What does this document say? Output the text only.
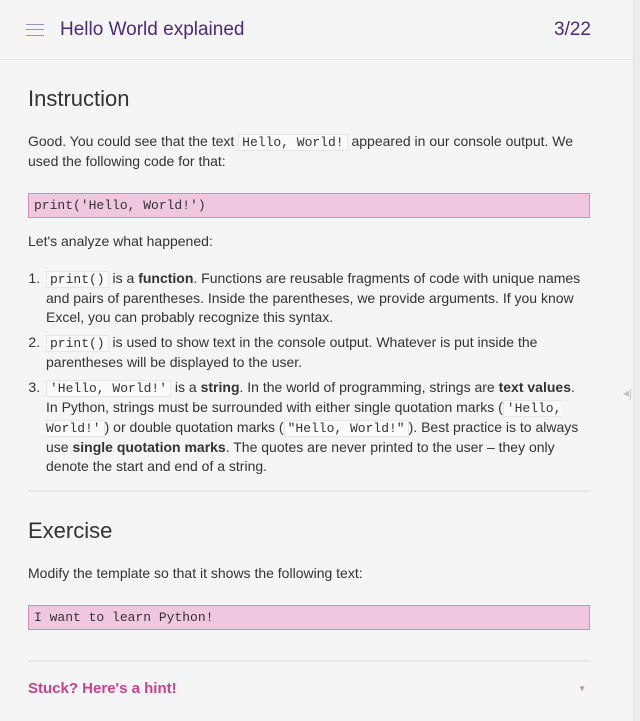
Hello World explained	3/22
Instruction

Good. You could see that the text Hello, World! appeared in our console output. We used the following code for that:

print('Hello, World!')

Let's analyze what happened:

1. print() is a function. Functions are reusable fragments of code with unique names and pairs of parentheses. Inside the parentheses, we provide arguments. If you know Excel, you can probably recognize this syntax.
2. print() is used to show text in the console output. Whatever is put inside the parentheses will be displayed to the user.
3. 'Hello, World!' is a string. In the world of programming, strings are text values. In Python, strings must be surrounded with either single quotation marks ( 'Hello, World!' ) or double quotation marks ( "Hello, World!" ). Best practice is to always use single quotation marks. The quotes are never printed to the user – they only denote the start and end of a string.
Exercise

Modify the template so that it shows the following text:

I want to learn Python!
Stuck? Here's a hint!	▼
◂|
